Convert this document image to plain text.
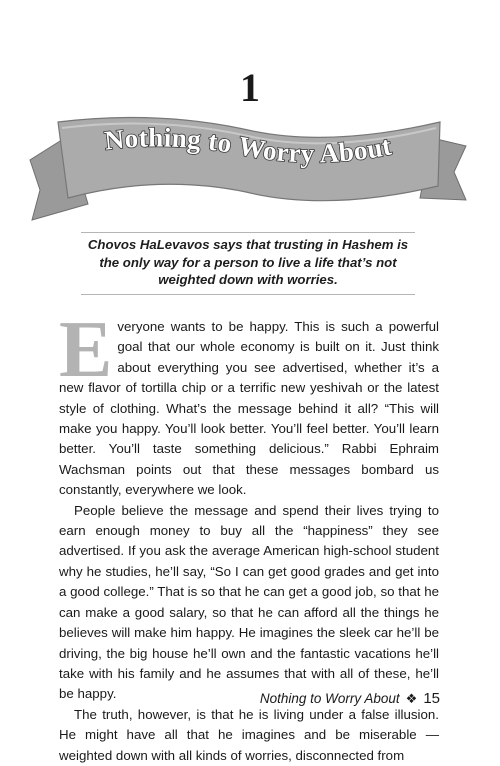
1
Nothing to Worry About

Chovos HaLevavos says that trusting in Hashem is the only way for a person to live a life that’s not weighted down with worries.

Everyone wants to be happy. This is such a powerful goal that our whole economy is built on it. Just think about everything you see advertised, whether it’s a new flavor of tortilla chip or a terrific new yeshivah or the latest style of clothing. What’s the message behind it all? “This will make you happy. You’ll look better. You’ll feel better. You’ll learn better. You’ll taste something delicious.” Rabbi Ephraim Wachsman points out that these messages bombard us constantly, everywhere we look.

People believe the message and spend their lives trying to earn enough money to buy all the “happiness” they see advertised. If you ask the average American high-school student why he studies, he’ll say, “So I can get good grades and get into a good college.” That is so that he can get a good job, so that he can make a good salary, so that he can afford all the things he believes will make him happy. He imagines the sleek car he’ll be driving, the big house he’ll own and the fantastic vacations he’ll take with his family and he assumes that with all of these, he’ll be happy.

The truth, however, is that he is living under a false illusion. He might have all that he imagines and be miserable — weighted down with all kinds of worries, disconnected from

Nothing to Worry About ❖ 15
